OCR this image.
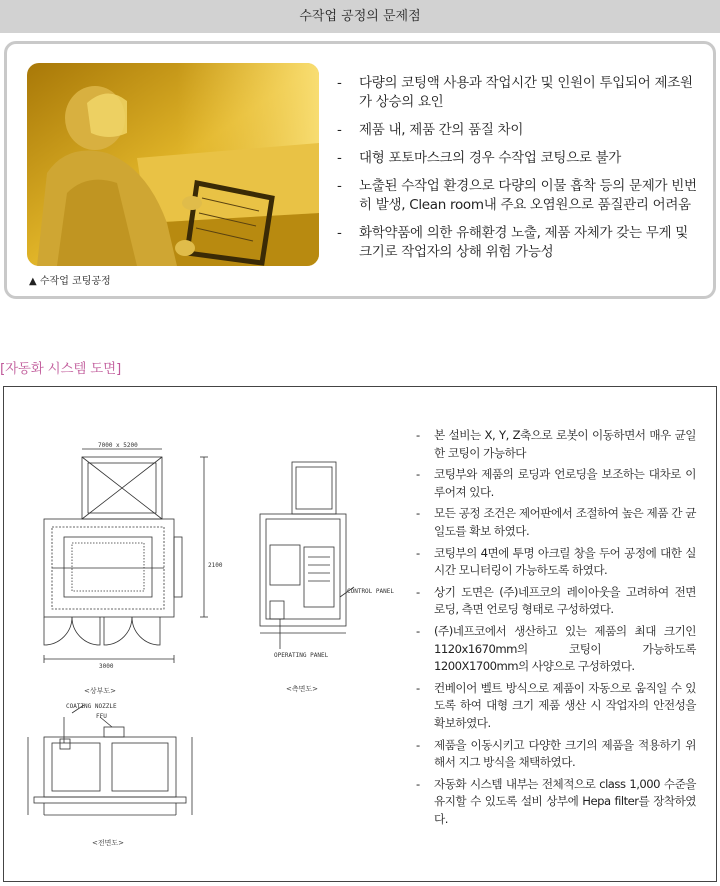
수작업 공정의 문제점
▲ 수작업 코팅공정
- 다량의 코팅액 사용과 작업시간 및 인원이 투입되어 제조원가 상승의 요인
- 제품 내, 제품 간의 품질 차이
- 대형 포토마스크의 경우 수작업 코팅으로 불가
- 노출된 수작업 환경으로 다량의 이물 흡착 등의 문제가 빈번히 발생, Clean room내 주요 오염원으로 품질관리 어려움
- 화학약품에 의한 유해환경 노출, 제품 자체가 갖는 무게 및 크기로 작업자의 상해 위험 가능성
[자동화 시스템 도면]
7000 x 5200
3000
2100
<상부도>
CONTROL PANEL
OPERATING PANEL
<측면도>
COATING NOZZLE
FFU
<전면도>
- 본 설비는 X, Y, Z축으로 로봇이 이동하면서 매우 균일한 코팅이 가능하다
- 코팅부와 제품의 로딩과 언로딩을 보조하는 대차로 이루어져 있다.
- 모든 공정 조건은 제어판에서 조절하여 높은 제품 간 균일도를 확보 하였다.
- 코팅부의 4면에 투명 아크릴 창을 두어 공정에 대한 실시간 모니터링이 가능하도록 하였다.
- 상기 도면은 (주)네프코의 레이아웃을 고려하여 전면 로딩, 측면 언로딩 형태로 구성하였다.
- (주)네프코에서 생산하고 있는 제품의 최대 크기인 1120x1670mm의 코팅이 가능하도록 1200X1700mm의 사양으로 구성하였다.
- 컨베이어 벨트 방식으로 제품이 자동으로 움직일 수 있도록 하여 대형 크기 제품 생산 시 작업자의 안전성을 확보하였다.
- 제품을 이동시키고 다양한 크기의 제품을 적용하기 위해서 지그 방식을 채택하였다.
- 자동화 시스템 내부는 전체적으로 class 1,000 수준을 유지할 수 있도록 설비 상부에 Hepa filter를 장착하였다.
